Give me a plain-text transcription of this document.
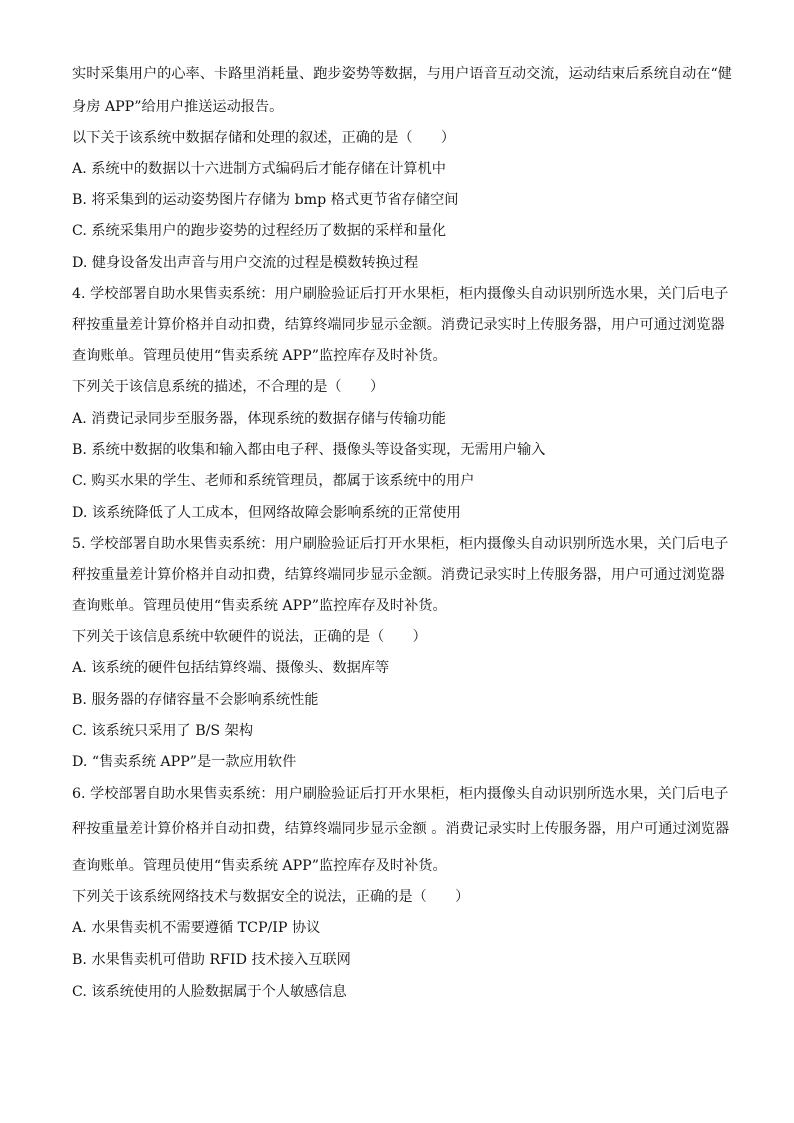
实时采集用户的心率、卡路里消耗量、跑步姿势等数据，与用户语音互动交流，运动结束后系统自动在“健
身房 APP”给用户推送运动报告。
以下关于该系统中数据存储和处理的叙述，正确的是（　　）
A. 系统中的数据以十六进制方式编码后才能存储在计算机中
B. 将采集到的运动姿势图片存储为 bmp 格式更节省存储空间
C. 系统采集用户的跑步姿势的过程经历了数据的采样和量化
D. 健身设备发出声音与用户交流的过程是模数转换过程
4. 学校部署自助水果售卖系统：用户刷脸验证后打开水果柜，柜内摄像头自动识别所选水果，关门后电子
秤按重量差计算价格并自动扣费，结算终端同步显示金额。消费记录实时上传服务器，用户可通过浏览器
查询账单。管理员使用“售卖系统 APP”监控库存及时补货。
下列关于该信息系统的描述，不合理的是（　　）
A. 消费记录同步至服务器，体现系统的数据存储与传输功能
B. 系统中数据的收集和输入都由电子秤、摄像头等设备实现，无需用户输入
C. 购买水果的学生、老师和系统管理员，都属于该系统中的用户
D. 该系统降低了人工成本，但网络故障会影响系统的正常使用
5. 学校部署自助水果售卖系统：用户刷脸验证后打开水果柜，柜内摄像头自动识别所选水果，关门后电子
秤按重量差计算价格并自动扣费，结算终端同步显示金额。消费记录实时上传服务器，用户可通过浏览器
查询账单。管理员使用“售卖系统 APP”监控库存及时补货。
下列关于该信息系统中软硬件的说法，正确的是（　　）
A. 该系统的硬件包括结算终端、摄像头、数据库等
B. 服务器的存储容量不会影响系统性能
C. 该系统只采用了 B/S 架构
D. “售卖系统 APP”是一款应用软件
6. 学校部署自助水果售卖系统：用户刷脸验证后打开水果柜，柜内摄像头自动识别所选水果，关门后电子
秤按重量差计算价格并自动扣费，结算终端同步显示金额 。消费记录实时上传服务器，用户可通过浏览器
查询账单。管理员使用“售卖系统 APP”监控库存及时补货。
下列关于该系统网络技术与数据安全的说法，正确的是（　　）
A. 水果售卖机不需要遵循 TCP/IP 协议
B. 水果售卖机可借助 RFID 技术接入互联网
C. 该系统使用的人脸数据属于个人敏感信息
